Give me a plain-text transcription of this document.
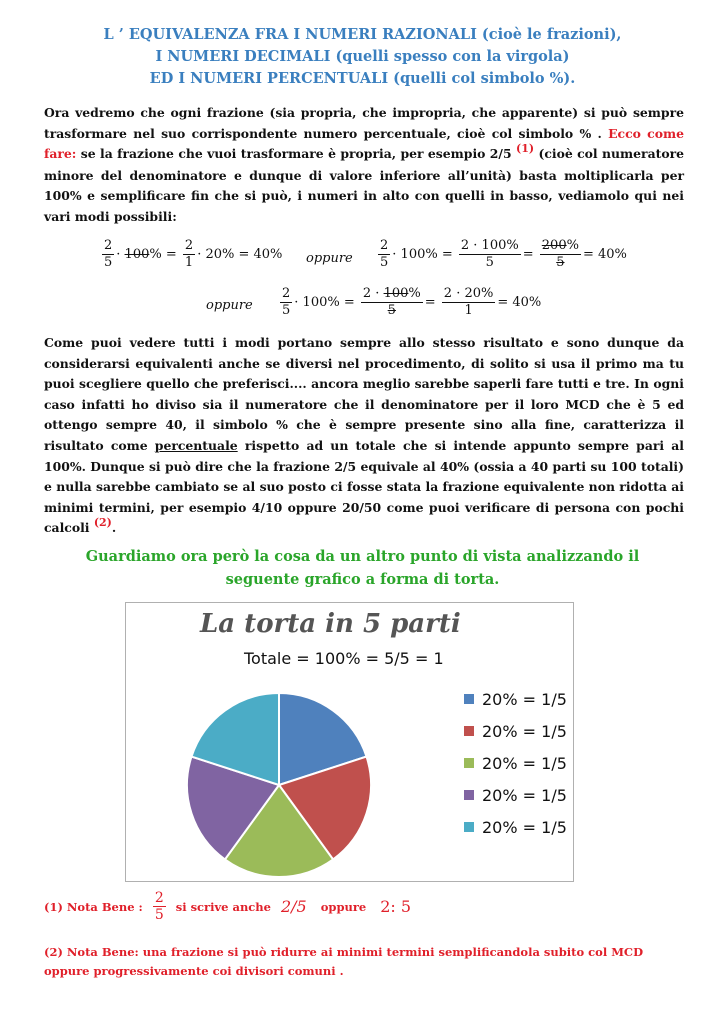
L ’ EQUIVALENZA FRA I NUMERI RAZIONALI (cioè le frazioni),
I NUMERI DECIMALI (quelli spesso con la virgola)
ED I NUMERI PERCENTUALI (quelli col simbolo %).
Ora vedremo che ogni frazione (sia propria, che impropria, che apparente) si può sempre trasformare nel suo corrispondente numero percentuale, cioè col simbolo % . Ecco come fare: se la frazione che vuoi trasformare è propria, per esempio 2/5 (1) (cioè col numeratore minore del denominatore e dunque di valore inferiore all’unità) basta moltiplicarla per 100% e semplificare fin che si può, i numeri in alto con quelli in basso, vediamolo qui nei vari modi possibili:
$\frac{2}{5} \cdot 100\% = \frac{2}{1} \cdot 20\% = 40\%$ oppure $\frac{2}{5} \cdot 100\% = \frac{2 \cdot 100\%}{5} = \frac{200\%}{5} = 40\%$
oppure $\frac{2}{5} \cdot 100\% = \frac{2 \cdot 100\%}{5} = \frac{2 \cdot 20\%}{1} = 40\%$
Come puoi vedere tutti i modi portano sempre allo stesso risultato e sono dunque da considerarsi equivalenti anche se diversi nel procedimento, di solito si usa il primo ma tu puoi scegliere quello che preferisci.... ancora meglio sarebbe saperli fare tutti e tre. In ogni caso infatti ho diviso sia il numeratore che il denominatore per il loro MCD che è 5 ed ottengo sempre 40, il simbolo % che è sempre presente sino alla fine, caratterizza il risultato come percentuale rispetto ad un totale che si intende appunto sempre pari al 100%. Dunque si può dire che la frazione 2/5 equivale al 40% (ossia a 40 parti su 100 totali) e nulla sarebbe cambiato se al suo posto ci fosse stata la frazione equivalente non ridotta ai minimi termini, per esempio 4/10 oppure 20/50 come puoi verificare di persona con pochi calcoli (2).
Guardiamo ora però la cosa da un altro punto di vista analizzando il
seguente grafico a forma di torta.
La torta in 5 parti
Totale = 100% = 5/5 = 1
20% = 1/5
20% = 1/5
20% = 1/5
20% = 1/5
20% = 1/5
(1) Nota Bene : $\frac{2}{5}$ si scrive anche 2/5 oppure 2: 5
(2) Nota Bene: una frazione si può ridurre ai minimi termini semplificandola subito col MCD oppure progressivamente coi divisori comuni .
